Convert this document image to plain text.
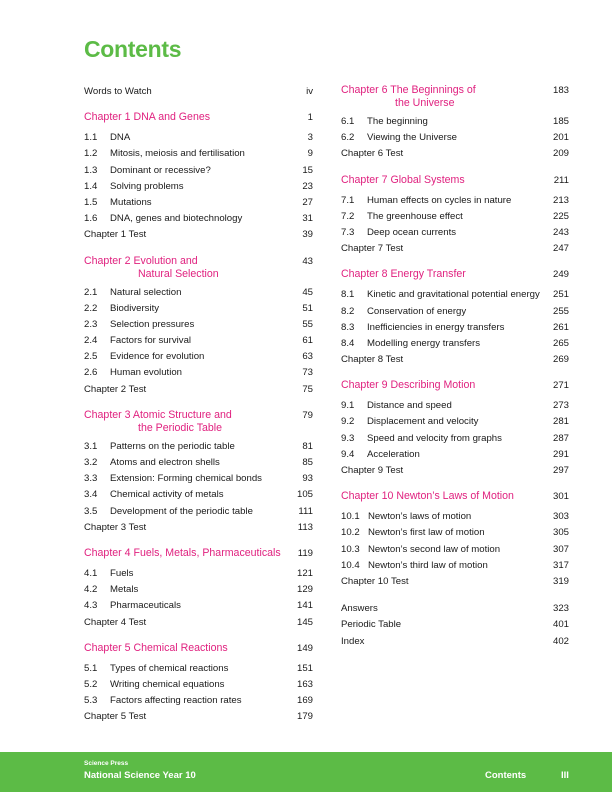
Contents
Words to Watch	iv
Chapter 1 DNA and Genes	1
1.1 DNA	3
1.2 Mitosis, meiosis and fertilisation	9
1.3 Dominant or recessive?	15
1.4 Solving problems	23
1.5 Mutations	27
1.6 DNA, genes and biotechnology	31
Chapter 1 Test	39
Chapter 2 Evolution and
Natural Selection
43
2.1 Natural selection	45
2.2 Biodiversity	51
2.3 Selection pressures	55
2.4 Factors for survival	61
2.5 Evidence for evolution	63
2.6 Human evolution	73
Chapter 2 Test	75
Chapter 3 Atomic Structure and
the Periodic Table
79
3.1 Patterns on the periodic table	81
3.2 Atoms and electron shells	85
3.3 Extension: Forming chemical bonds	93
3.4 Chemical activity of metals	105
3.5 Development of the periodic table	111
Chapter 3 Test	113
Chapter 4 Fuels, Metals, Pharmaceuticals 119
4.1 Fuels	121
4.2 Metals	129
4.3 Pharmaceuticals	141
Chapter 4 Test	145
Chapter 5 Chemical Reactions	149
5.1 Types of chemical reactions	151
5.2 Writing chemical equations	163
5.3 Factors affecting reaction rates	169
Chapter 5 Test	179
Chapter 6 The Beginnings of
the Universe
183
6.1 The beginning	185
6.2 Viewing the Universe	201
Chapter 6 Test	209
Chapter 7 Global Systems	211
7.1 Human effects on cycles in nature	213
7.2 The greenhouse effect	225
7.3 Deep ocean currents	243
Chapter 7 Test	247
Chapter 8 Energy Transfer	249
8.1 Kinetic and gravitational potential energy 251
8.2 Conservation of energy	255
8.3 Inefficiencies in energy transfers	261
8.4 Modelling energy transfers	265
Chapter 8 Test	269
Chapter 9 Describing Motion	271
9.1 Distance and speed	273
9.2 Displacement and velocity	281
9.3 Speed and velocity from graphs	287
9.4 Acceleration	291
Chapter 9 Test	297
Chapter 10 Newton’s Laws of Motion	301
10.1 Newton’s laws of motion	303
10.2 Newton’s first law of motion	305
10.3 Newton’s second law of motion	307
10.4 Newton’s third law of motion	317
Chapter 10 Test	319
Answers	323
Periodic Table	401
Index	402
Science Press
National Science Year 10	Contents	III
